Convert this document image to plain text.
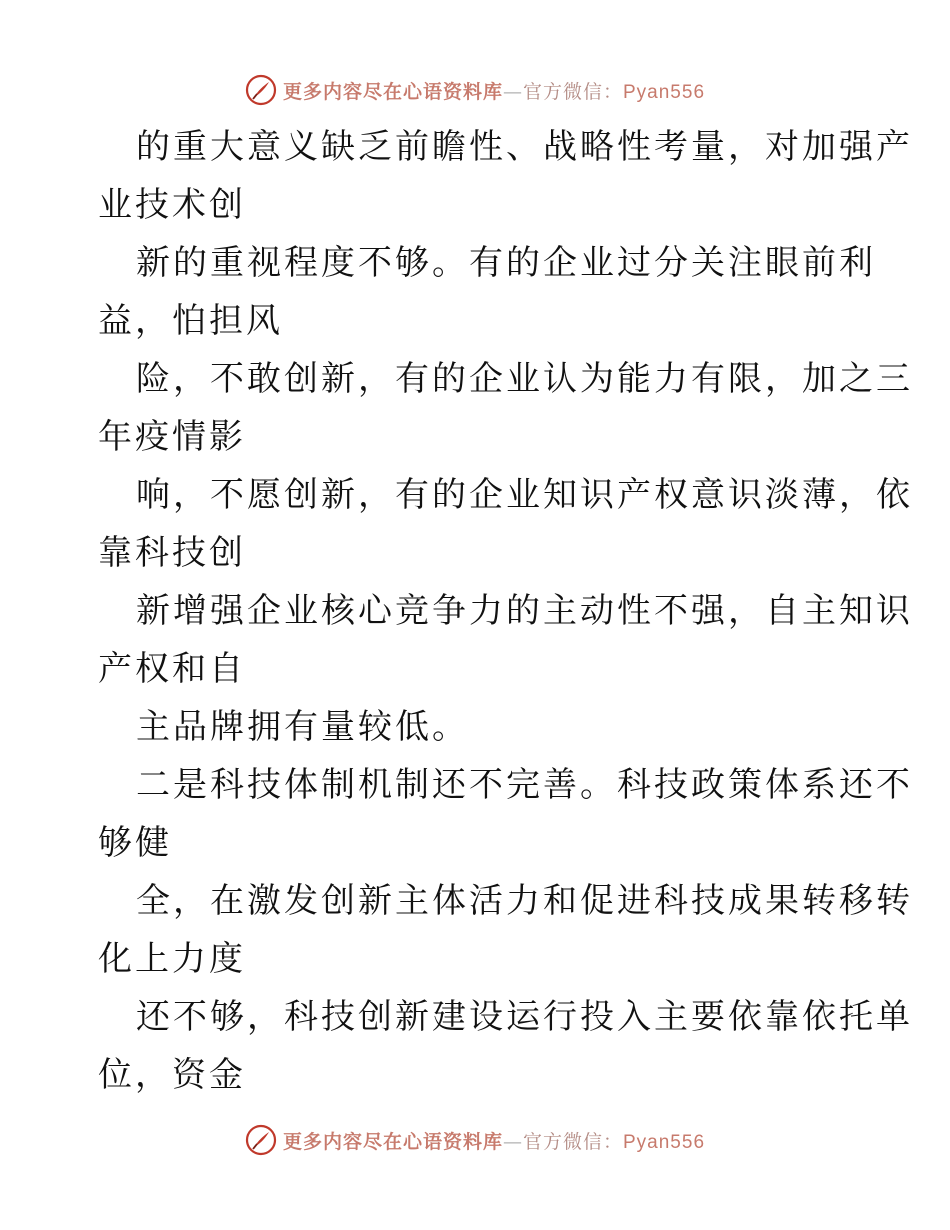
更多内容尽在心语资料库—官方微信：Pyan556
的重大意义缺乏前瞻性、战略性考量，对加强产
业技术创
新的重视程度不够。有的企业过分关注眼前利
益，怕担风
险，不敢创新，有的企业认为能力有限，加之三
年疫情影
响，不愿创新，有的企业知识产权意识淡薄，依
靠科技创
新增强企业核心竞争力的主动性不强，自主知识
产权和自
主品牌拥有量较低。
二是科技体制机制还不完善。科技政策体系还不
够健
全，在激发创新主体活力和促进科技成果转移转
化上力度
还不够，科技创新建设运行投入主要依靠依托单
位，资金
更多内容尽在心语资料库—官方微信：Pyan556
